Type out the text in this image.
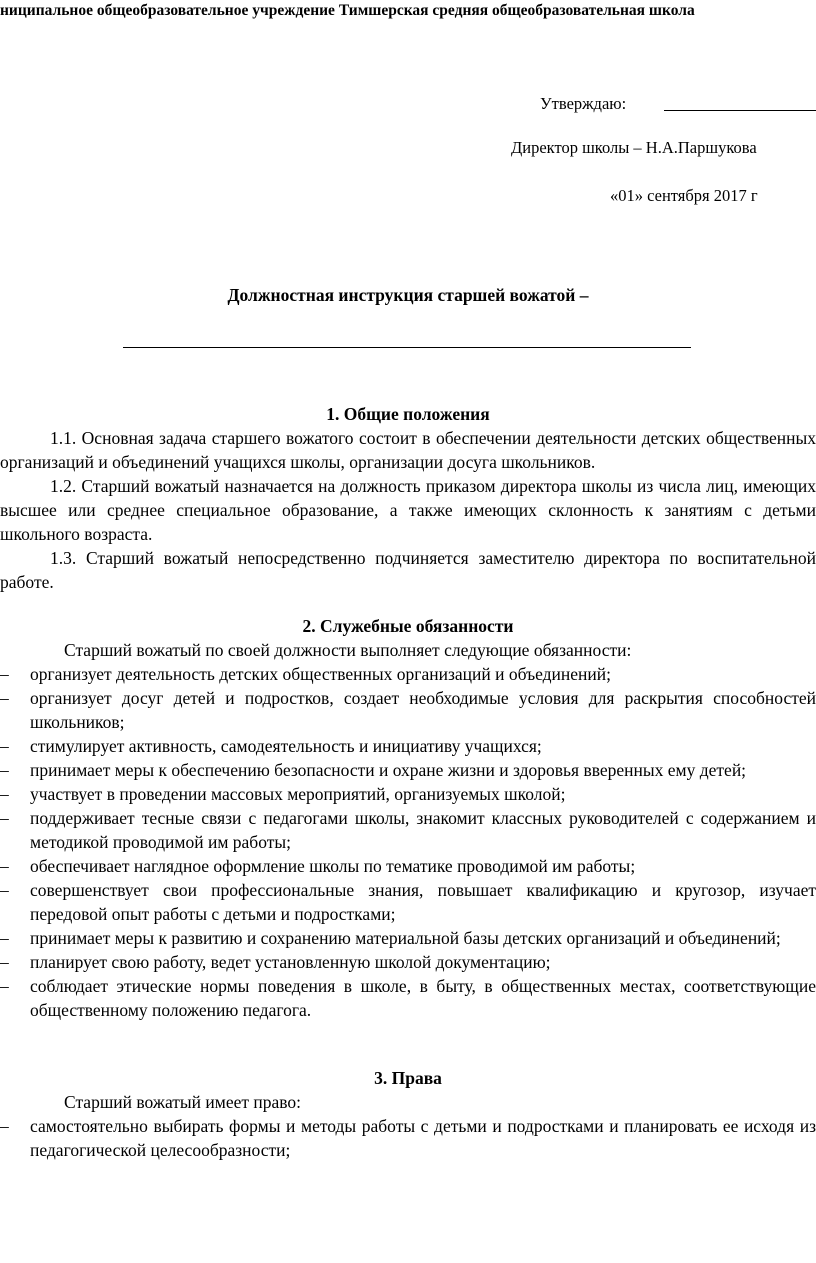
ниципальное общеобразовательное учреждение Тимшерская средняя общеобразовательная школа
Утверждаю:
Директор школы – Н.А.Паршукова
«01» сентября 2017 г
Должностная инструкция старшей вожатой –

1. Общие положения

1.1. Основная задача старшего вожатого состоит в обеспечении деятельности детских общественных организаций и объединений учащихся школы, организации досуга школьников.

1.2. Старший вожатый назначается на должность приказом директора школы из числа лиц, имеющих высшее или среднее специальное образование, а также имеющих склонность к занятиям с детьми школьного возраста.

1.3. Старший вожатый непосредственно подчиняется заместителю директора по воспитательной работе.

2. Служебные обязанности

Старший вожатый по своей должности выполняет следующие обязанности:

– организует деятельность детских общественных организаций и объединений;
– организует досуг детей и подростков, создает необходимые условия для раскрытия способностей школьников;
– стимулирует активность, самодеятельность и инициативу учащихся;
– принимает меры к обеспечению безопасности и охране жизни и здоровья вверенных ему детей;
– участвует в проведении массовых мероприятий, организуемых школой;
– поддерживает тесные связи с педагогами школы, знакомит классных руководителей с содержанием и методикой проводимой им работы;
– обеспечивает наглядное оформление школы по тематике проводимой им работы;
– совершенствует свои профессиональные знания, повышает квалификацию и кругозор, изучает передовой опыт работы с детьми и подростками;
– принимает меры к развитию и сохранению материальной базы детских организаций и объединений;
– планирует свою работу, ведет установленную школой документацию;
– соблюдает этические нормы поведения в школе, в быту, в общественных местах, соответствующие общественному положению педагога.

3. Права

Старший вожатый имеет право:

– самостоятельно выбирать формы и методы работы с детьми и подростками и планировать ее исходя из педагогической целесообразности;
